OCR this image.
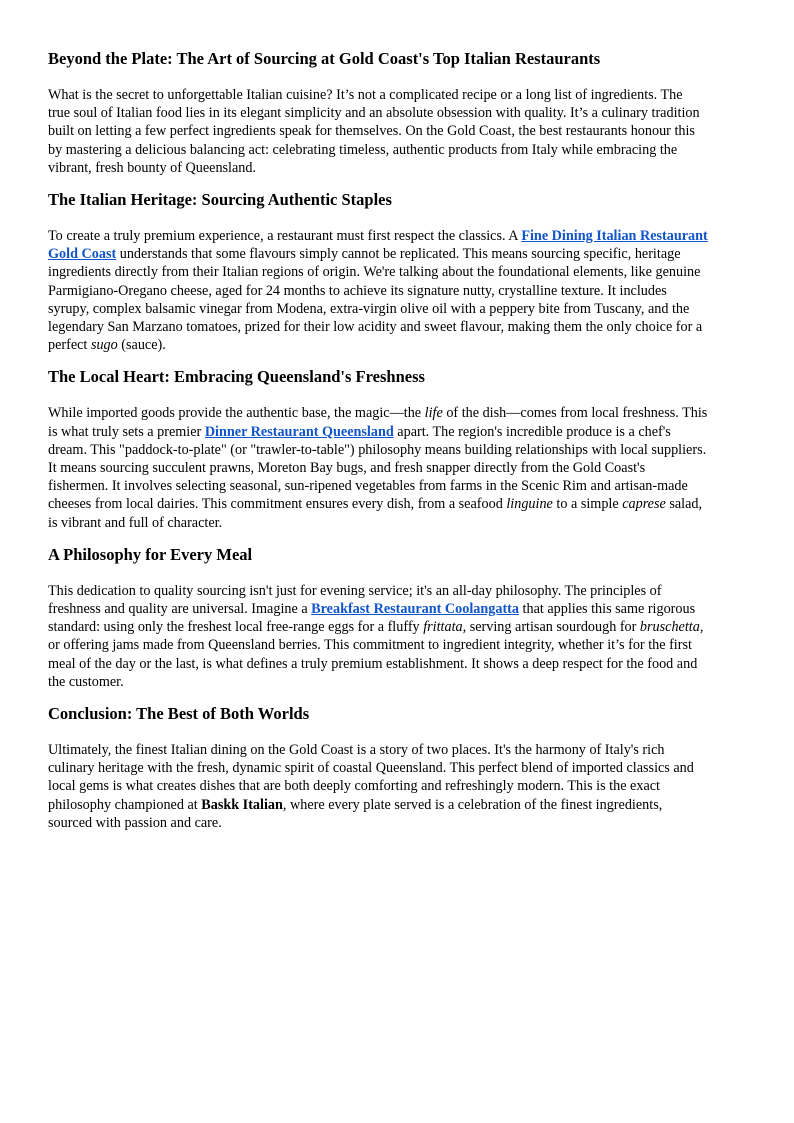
Beyond the Plate: The Art of Sourcing at Gold Coast's Top Italian Restaurants

What is the secret to unforgettable Italian cuisine? It’s not a complicated recipe or a long list of ingredients. The true soul of Italian food lies in its elegant simplicity and an absolute obsession with quality. It’s a culinary tradition built on letting a few perfect ingredients speak for themselves. On the Gold Coast, the best restaurants honour this by mastering a delicious balancing act: celebrating timeless, authentic products from Italy while embracing the vibrant, fresh bounty of Queensland.

The Italian Heritage: Sourcing Authentic Staples

To create a truly premium experience, a restaurant must first respect the classics. A Fine Dining Italian Restaurant Gold Coast understands that some flavours simply cannot be replicated. This means sourcing specific, heritage ingredients directly from their Italian regions of origin. We're talking about the foundational elements, like genuine Parmigiano-Oregano cheese, aged for 24 months to achieve its signature nutty, crystalline texture. It includes syrupy, complex balsamic vinegar from Modena, extra-virgin olive oil with a peppery bite from Tuscany, and the legendary San Marzano tomatoes, prized for their low acidity and sweet flavour, making them the only choice for a perfect sugo (sauce).

The Local Heart: Embracing Queensland's Freshness

While imported goods provide the authentic base, the magic—the life of the dish—comes from local freshness. This is what truly sets a premier Dinner Restaurant Queensland apart. The region's incredible produce is a chef's dream. This "paddock-to-plate" (or "trawler-to-table") philosophy means building relationships with local suppliers. It means sourcing succulent prawns, Moreton Bay bugs, and fresh snapper directly from the Gold Coast's fishermen. It involves selecting seasonal, sun-ripened vegetables from farms in the Scenic Rim and artisan-made cheeses from local dairies. This commitment ensures every dish, from a seafood linguine to a simple caprese salad, is vibrant and full of character.

A Philosophy for Every Meal

This dedication to quality sourcing isn't just for evening service; it's an all-day philosophy. The principles of freshness and quality are universal. Imagine a Breakfast Restaurant Coolangatta that applies this same rigorous standard: using only the freshest local free-range eggs for a fluffy frittata, serving artisan sourdough for bruschetta, or offering jams made from Queensland berries. This commitment to ingredient integrity, whether it’s for the first meal of the day or the last, is what defines a truly premium establishment. It shows a deep respect for the food and the customer.

Conclusion: The Best of Both Worlds

Ultimately, the finest Italian dining on the Gold Coast is a story of two places. It's the harmony of Italy's rich culinary heritage with the fresh, dynamic spirit of coastal Queensland. This perfect blend of imported classics and local gems is what creates dishes that are both deeply comforting and refreshingly modern. This is the exact philosophy championed at Baskk Italian, where every plate served is a celebration of the finest ingredients, sourced with passion and care.
